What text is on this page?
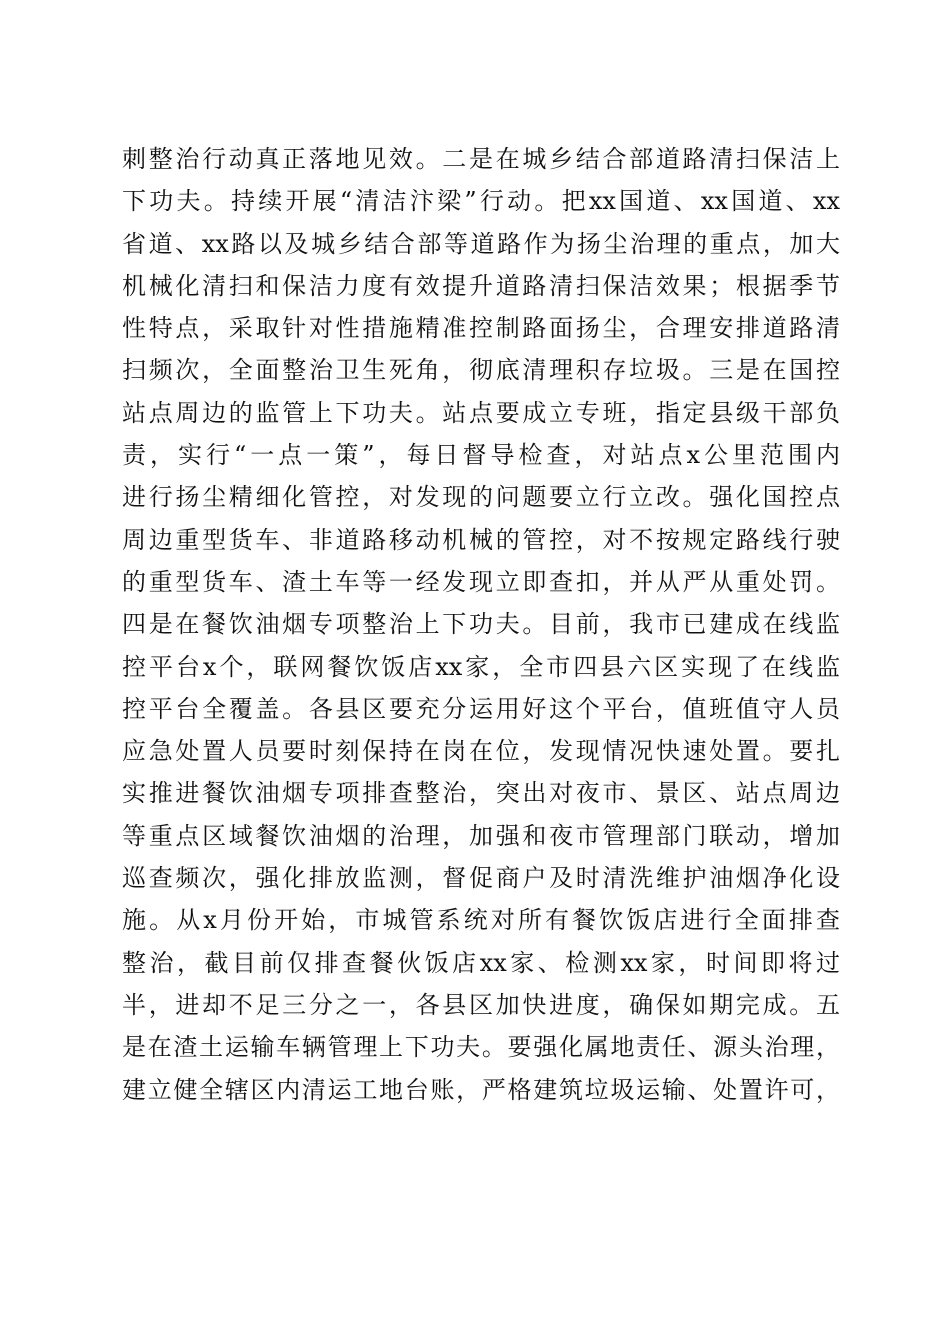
刺整治行动真正落地见效。二是在城乡结合部道路清扫保洁上
下功夫。持续开展“清洁汴梁”行动。把xx国道、xx国道、xx
省道、xx路以及城乡结合部等道路作为扬尘治理的重点，加大
机械化清扫和保洁力度有效提升道路清扫保洁效果；根据季节
性特点，采取针对性措施精准控制路面扬尘，合理安排道路清
扫频次，全面整治卫生死角，彻底清理积存垃圾。三是在国控
站点周边的监管上下功夫。站点要成立专班，指定县级干部负
责，实行“一点一策”，每日督导检查，对站点x公里范围内
进行扬尘精细化管控，对发现的问题要立行立改。强化国控点
周边重型货车、非道路移动机械的管控，对不按规定路线行驶
的重型货车、渣土车等一经发现立即查扣，并从严从重处罚。
四是在餐饮油烟专项整治上下功夫。目前，我市已建成在线监
控平台x个，联网餐饮饭店xx家，全市四县六区实现了在线监
控平台全覆盖。各县区要充分运用好这个平台，值班值守人员
应急处置人员要时刻保持在岗在位，发现情况快速处置。要扎
实推进餐饮油烟专项排查整治，突出对夜市、景区、站点周边
等重点区域餐饮油烟的治理，加强和夜市管理部门联动，增加
巡查频次，强化排放监测，督促商户及时清洗维护油烟净化设
施。从x月份开始，市城管系统对所有餐饮饭店进行全面排查
整治，截目前仅排查餐伙饭店xx家、检测xx家，时间即将过
半，进却不足三分之一，各县区加快进度，确保如期完成。五
是在渣土运输车辆管理上下功夫。要强化属地责任、源头治理，
建立健全辖区内清运工地台账，严格建筑垃圾运输、处置许可，
